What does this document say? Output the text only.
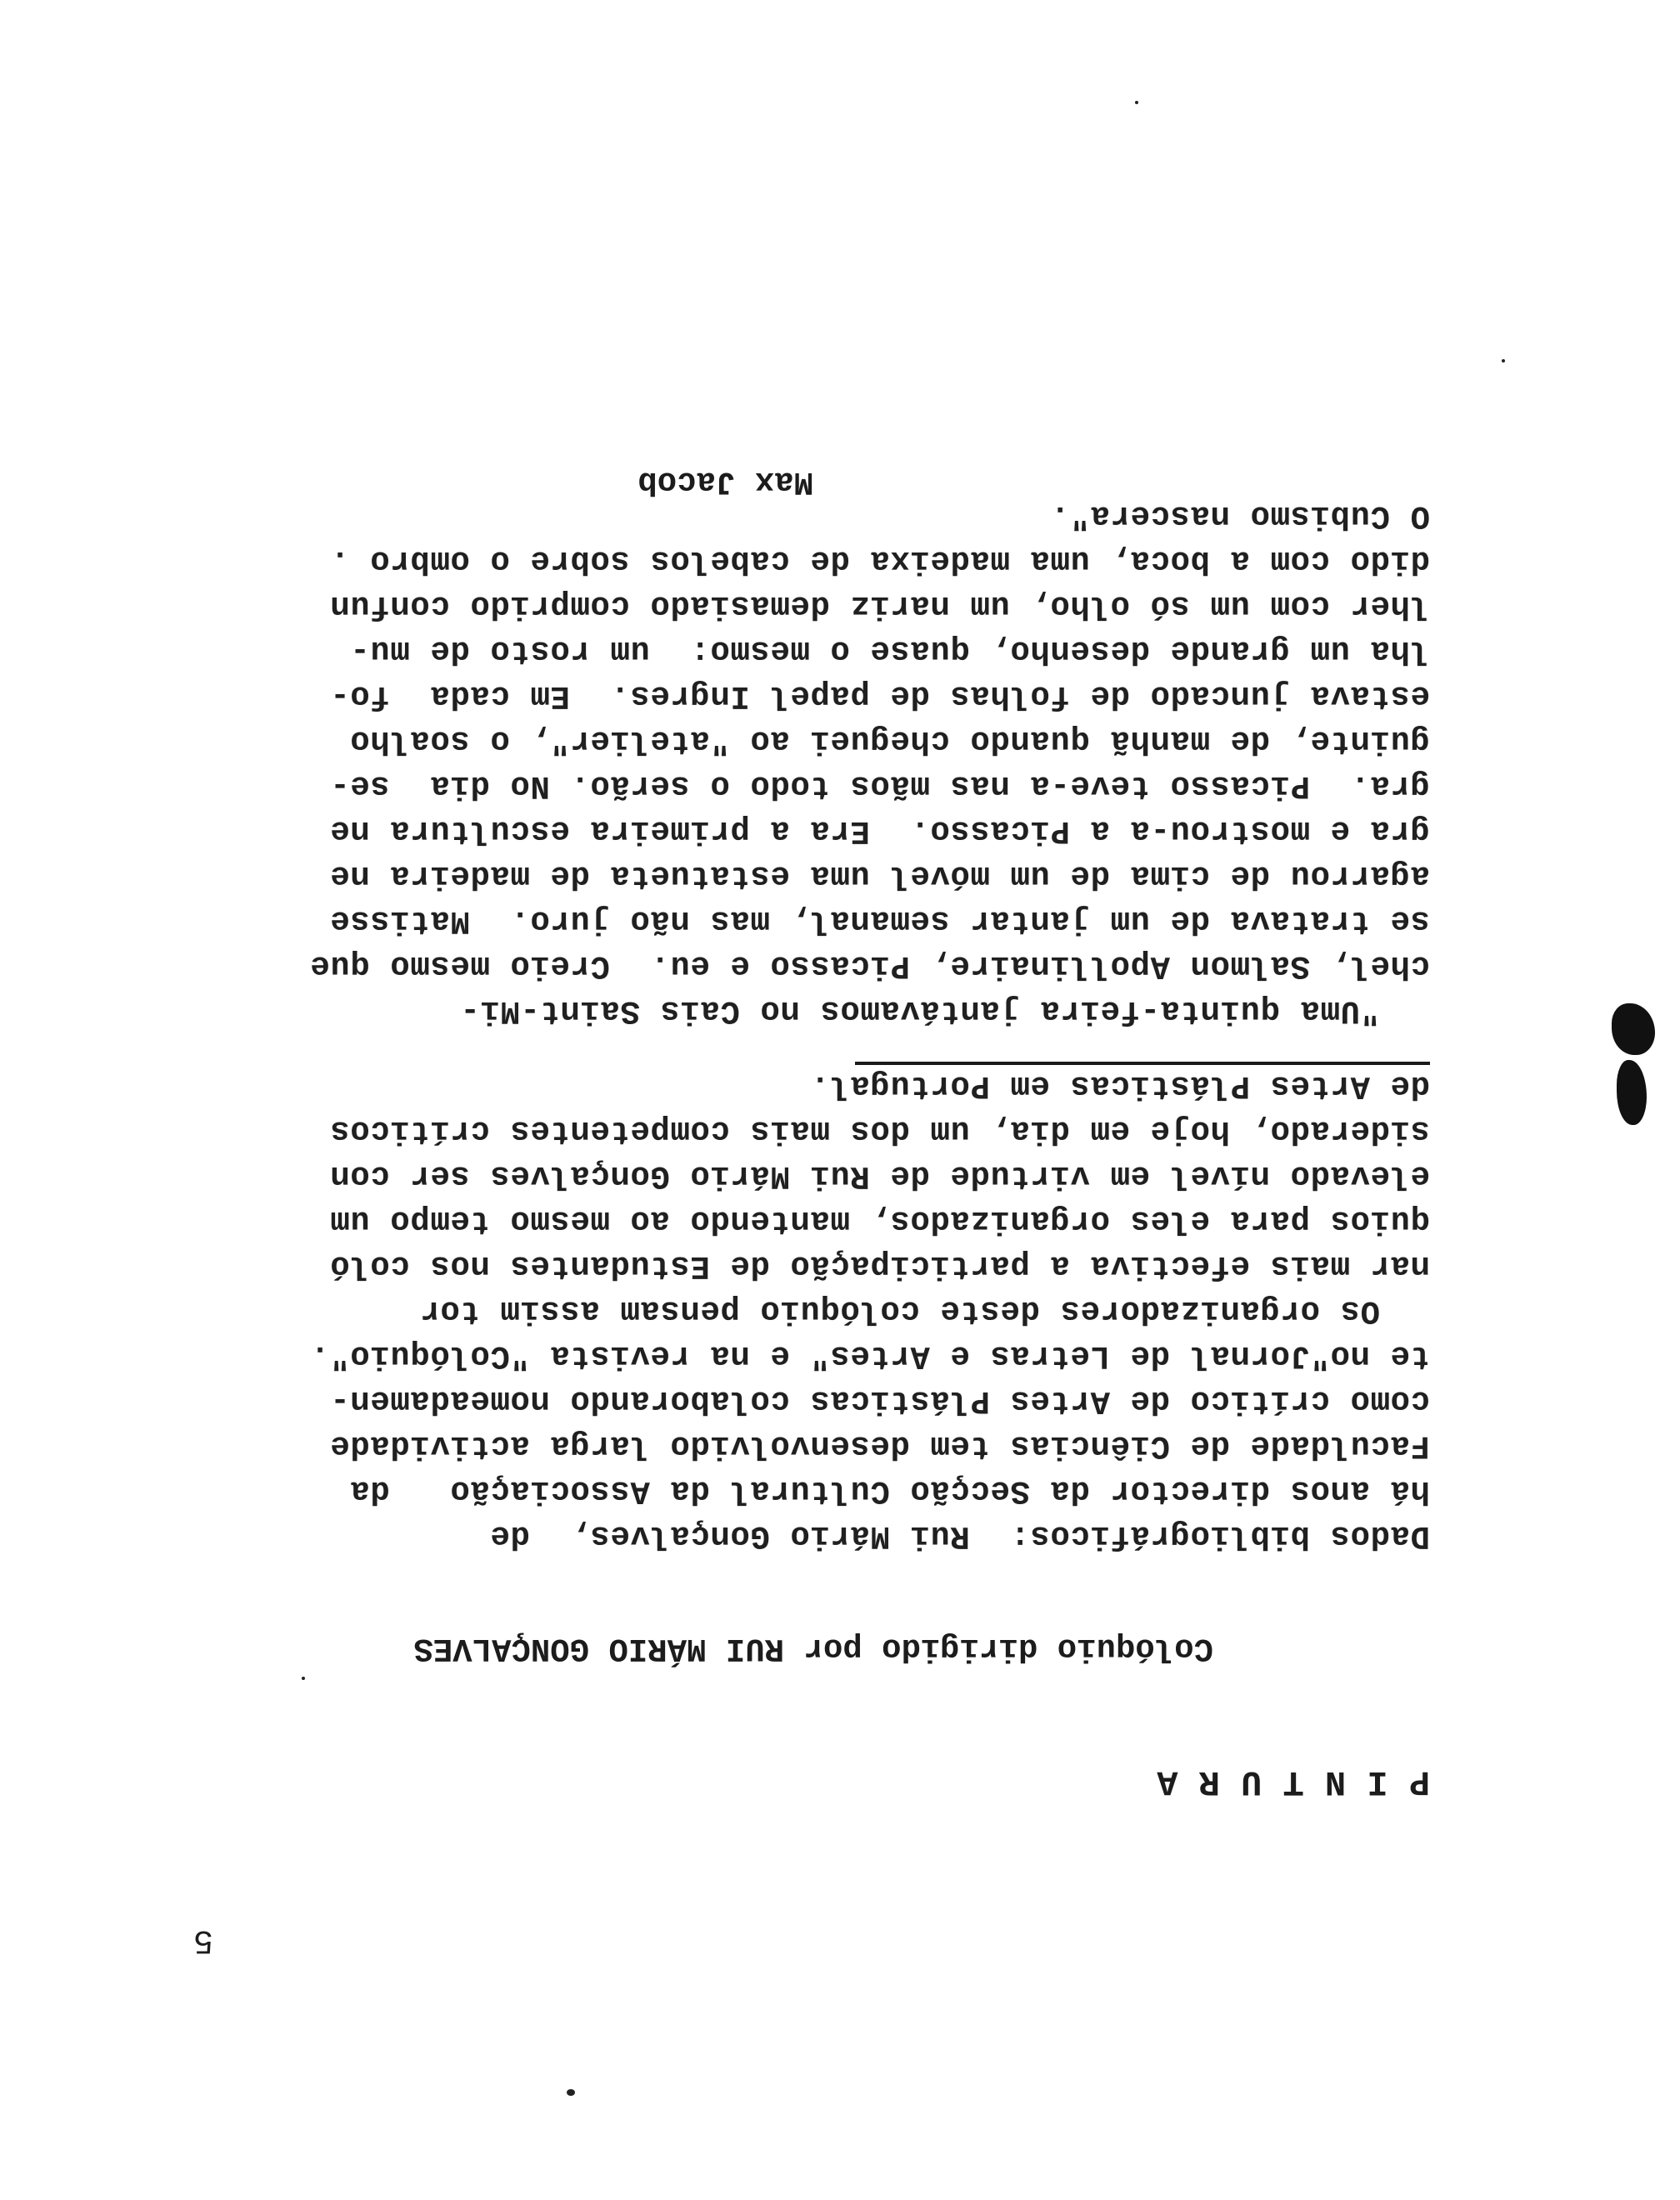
5
P I N T U R A
Colóquio dirigido por RUI MÁRIO GONÇALVES
Dados bibliográficos:  Rui Mário Gonçalves,  de
há anos director da Secção Cultural da Associação   da
Faculdade de Ciências tem desenvolvido larga actividade
como crítico de Artes Plásticas colaborando nomeadamen-
te no"Jornal de Letras e Artes" e na revista "Colóquio".
Os organizadores deste colóquio pensam assim tor
nar mais efectiva a participação de Estudantes nos coló
quios para eles organizados, mantendo ao mesmo tempo um
elevado nível em virtude de Rui Mário Gonçalves ser con
siderado, hoje em dia, um dos mais competentes críticos
de Artes Plásticas em Portugal.
"Uma quinta-feira jantávamos no Cais Saint-Mi-
chel, Salmon Apollinaire, Picasso e eu.  Creio mesmo que
se tratava de um jantar semanal, mas não juro.  Matisse
agarrou de cima de um móvel uma estatueta de madeira ne
gra e mostrou-a a Picasso.  Era a primeira escultura ne
gra.  Picasso teve-a nas mãos todo o serão. No dia  se-
guinte, de manhã quando cheguei ao "atelier", o soalho
estava juncado de folhas de papel Ingres.  Em cada  fo-
lha um grande desenho, quase o mesmo:  um rosto de mu-
lher com um só olho, um nariz demasiado comprido confun
dido com a boca, uma madeixa de cabelos sobre o ombro .
O Cubismo nascera".
Max Jacob
